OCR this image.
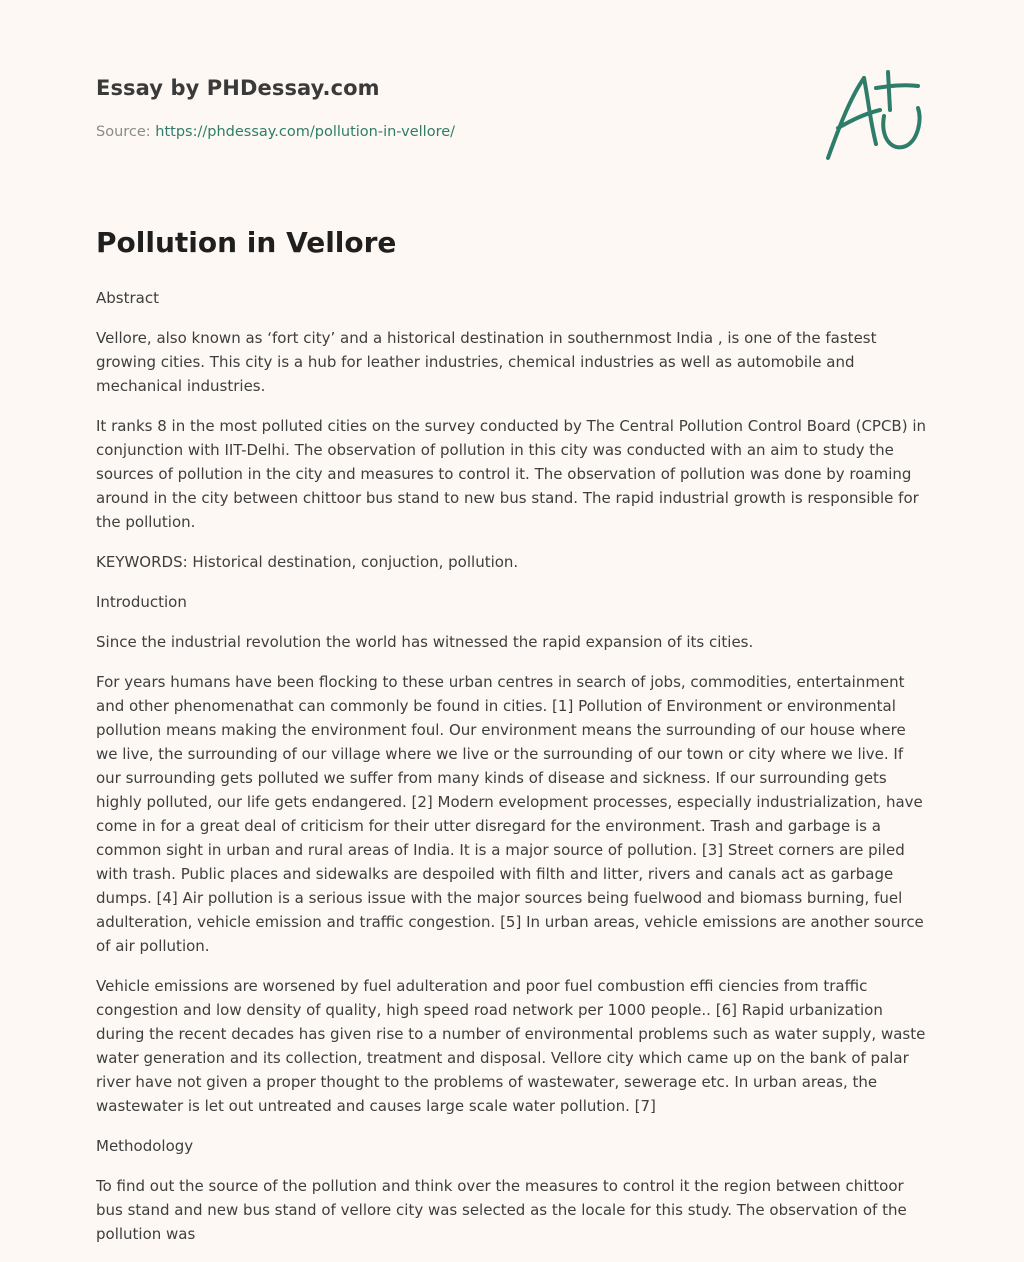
Essay by PHDessay.com
Source: https://phdessay.com/pollution-in-vellore/
Pollution in Vellore

Abstract

Vellore, also known as ‘fort city’ and a historical destination in southernmost India , is one of the fastest growing cities. This city is a hub for leather industries, chemical industries as well as automobile and mechanical industries.

It ranks 8 in the most polluted cities on the survey conducted by The Central Pollution Control Board (CPCB) in conjunction with IIT-Delhi. The observation of pollution in this city was conducted with an aim to study the sources of pollution in the city and measures to control it. The observation of pollution was done by roaming around in the city between chittoor bus stand to new bus stand. The rapid industrial growth is responsible for the pollution.

KEYWORDS: Historical destination, conjuction, pollution.

Introduction

Since the industrial revolution the world has witnessed the rapid expansion of its cities.

For years humans have been flocking to these urban centres in search of jobs, commodities, entertainment and other phenomenathat can commonly be found in cities. [1] Pollution of Environment or environmental pollution means making the environment foul. Our environment means the surrounding of our house where we live, the surrounding of our village where we live or the surrounding of our town or city where we live. If our surrounding gets polluted we suffer from many kinds of disease and sickness. If our surrounding gets highly polluted, our life gets endangered. [2] Modern evelopment processes, especially industrialization, have come in for a great deal of criticism for their utter disregard for the environment. Trash and garbage is a common sight in urban and rural areas of India. It is a major source of pollution. [3] Street corners are piled with trash. Public places and sidewalks are despoiled with filth and litter, rivers and canals act as garbage dumps. [4] Air pollution is a serious issue with the major sources being fuelwood and biomass burning, fuel adulteration, vehicle emission and traffic congestion. [5] In urban areas, vehicle emissions are another source of air pollution.

Vehicle emissions are worsened by fuel adulteration and poor fuel combustion effi ciencies from traffic congestion and low density of quality, high speed road network per 1000 people.. [6] Rapid urbanization during the recent decades has given rise to a number of environmental problems such as water supply, waste water generation and its collection, treatment and disposal. Vellore city which came up on the bank of palar river have not given a proper thought to the problems of wastewater, sewerage etc. In urban areas, the wastewater is let out untreated and causes large scale water pollution. [7]

Methodology

To find out the source of the pollution and think over the measures to control it the region between chittoor bus stand and new bus stand of vellore city was selected as the locale for this study. The observation of the pollution was
